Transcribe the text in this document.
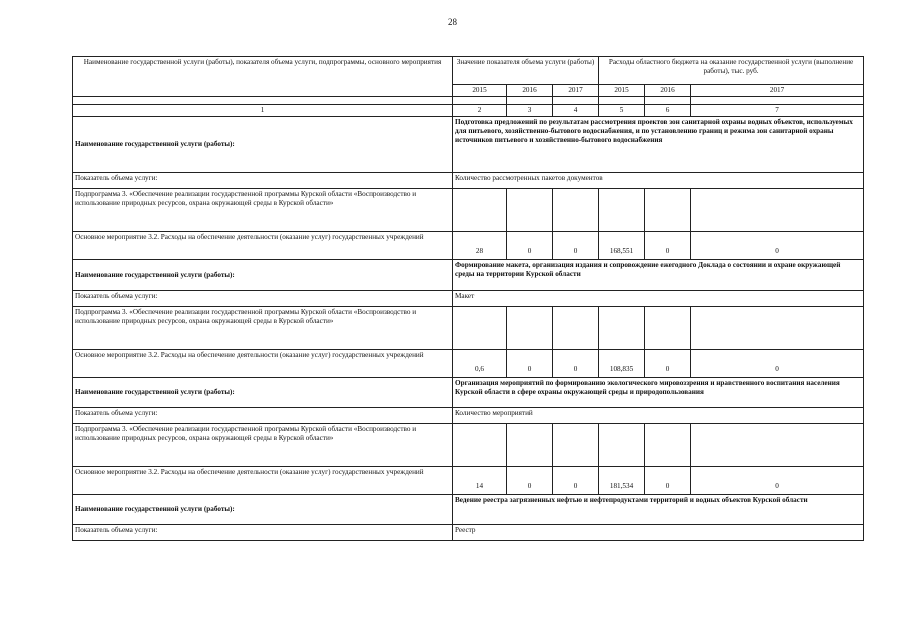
28
Наименование государственной услуги (работы), показателя объема услуги, подпрограммы, основного мероприятия	Значение показателя объема услуги (работы)			Расходы областного бюджета на оказание государственной услуги (выполнение работы), тыс. руб.		
	2015	2016	2017	2015	2016	2017

1	2	3	4	5	6	7
Наименование государственной услуги (работы):	Подготовка предложений по результатам рассмотрения проектов зон санитарной охраны водных объектов, используемых для питьевого, хозяйственно-бытового водоснабжения, и по установлению границ и режима зон санитарной охраны источников питьевого и хозяйственно-бытового водоснабжения					
Показатель объема услуги:	Количество рассмотренных пакетов документов					
Подпрограмма 3. «Обеспечение реализации государственной программы Курской области «Воспроизводство и использование природных ресурсов, охрана окружающей среды в Курской области»						
Основное мероприятие 3.2. Расходы на обеспечение деятельности (оказание услуг) государственных учреждений	28	0	0	168,551	0	0
Наименование государственной услуги (работы):	Формирование макета, организация издания и сопровождение ежегодного Доклада о состоянии и охране окружающей среды на территории Курской области					
Показатель объема услуги:	Макет					
Подпрограмма 3. «Обеспечение реализации государственной программы Курской области «Воспроизводство и использование природных ресурсов, охрана окружающей среды в Курской области»						
Основное мероприятие 3.2. Расходы на обеспечение деятельности (оказание услуг) государственных учреждений	0,6	0	0	108,835	0	0
Наименование государственной услуги (работы):	Организация мероприятий по формированию экологического мировоззрения и нравственного воспитания населения Курской области в сфере охраны окружающей среды и природопользования					
Показатель объема услуги:	Количество мероприятий					
Подпрограмма 3. «Обеспечение реализации государственной программы Курской области «Воспроизводство и использование природных ресурсов, охрана окружающей среды в Курской области»						
Основное мероприятие 3.2. Расходы на обеспечение деятельности (оказание услуг) государственных учреждений	14	0	0	181,534	0	0
Наименование государственной услуги (работы):	Ведение реестра загрязненных нефтью и нефтепродуктами территорий и водных объектов Курской области					
Показатель объема услуги:	Реестр					
